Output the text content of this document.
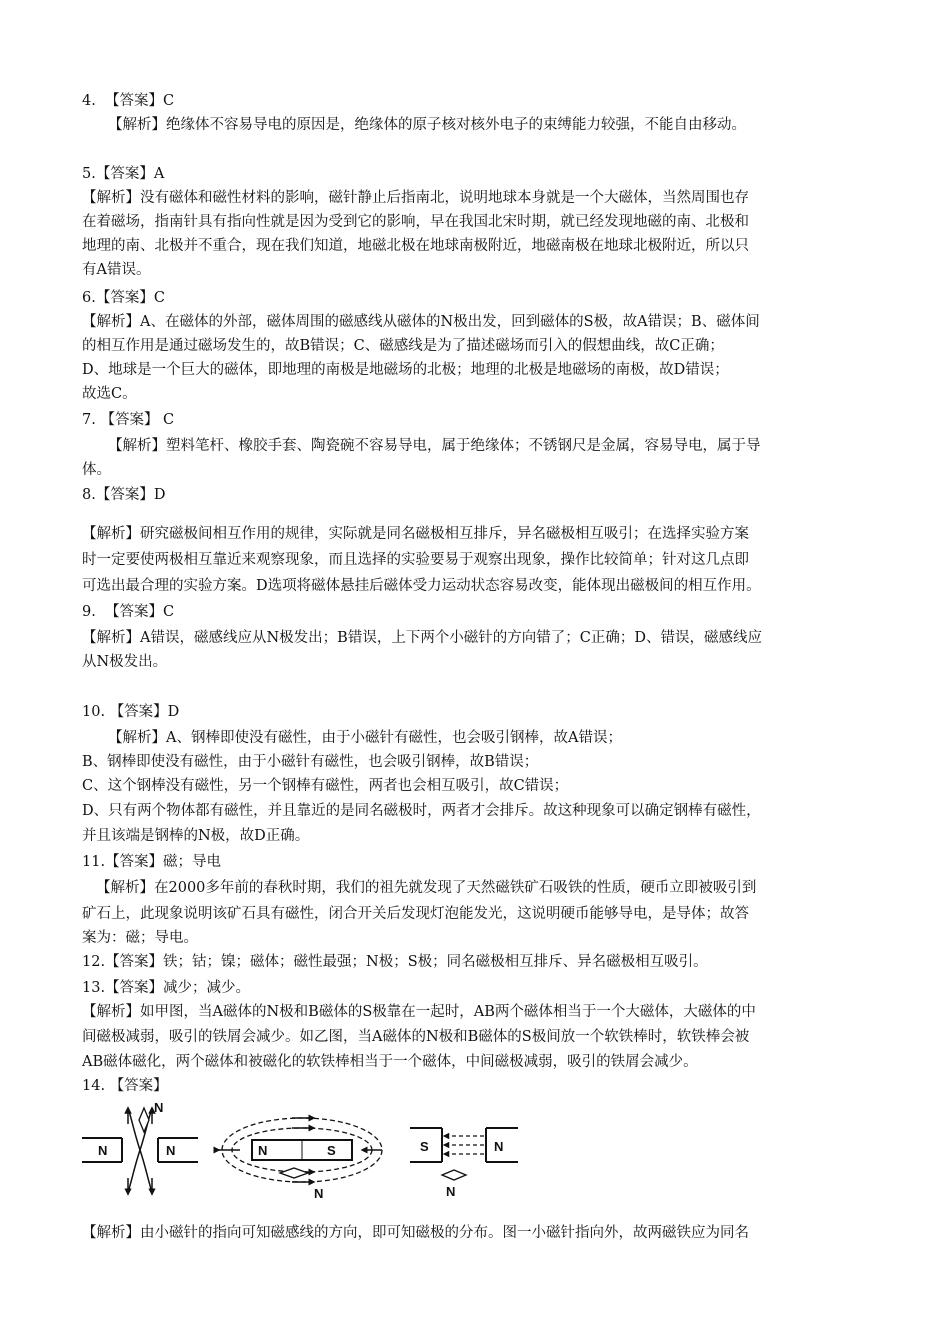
4.  【答案】C
【解析】绝缘体不容易导电的原因是，绝缘体的原子核对核外电子的束缚能力较强，不能自由移动。
5.【答案】A
【解析】没有磁体和磁性材料的影响，磁针静止后指南北，说明地球本身就是一个大磁体，当然周围也存
在着磁场，指南针具有指向性就是因为受到它的影响，早在我国北宋时期，就已经发现地磁的南、北极和
地理的南、北极并不重合，现在我们知道，地磁北极在地球南极附近，地磁南极在地球北极附近，所以只
有A错误。
6.【答案】C
【解析】A、在磁体的外部，磁体周围的磁感线从磁体的N极出发，回到磁体的S极，故A错误；B、磁体间
的相互作用是通过磁场发生的，故B错误；C、磁感线是为了描述磁场而引入的假想曲线，故C正确；
D、地球是一个巨大的磁体，即地理的南极是地磁场的北极；地理的北极是地磁场的南极，故D错误；
故选C。
7. 【答案】 C
【解析】塑料笔杆、橡胶手套、陶瓷碗不容易导电，属于绝缘体；不锈钢尺是金属，容易导电，属于导
体。
8.【答案】D
【解析】研究磁极间相互作用的规律，实际就是同名磁极相互排斥，异名磁极相互吸引；在选择实验方案
时一定要使两极相互靠近来观察现象，而且选择的实验要易于观察出现象，操作比较简单；针对这几点即
可选出最合理的实验方案。D选项将磁体悬挂后磁体受力运动状态容易改变，能体现出磁极间的相互作用。
9.  【答案】C
【解析】A错误，磁感线应从N极发出；B错误，上下两个小磁针的方向错了；C正确；D、错误，磁感线应
从N极发出。
10. 【答案】D
【解析】A、钢棒即使没有磁性，由于小磁针有磁性，也会吸引钢棒，故A错误；
B、钢棒即使没有磁性，由于小磁针有磁性，也会吸引钢棒，故B错误；
C、这个钢棒没有磁性，另一个钢棒有磁性，两者也会相互吸引，故C错误；
D、只有两个物体都有磁性，并且靠近的是同名磁极时，两者才会排斥。故这种现象可以确定钢棒有磁性，
并且该端是钢棒的N极，故D正确。
11.【答案】磁；导电
【解析】在2000多年前的春秋时期，我们的祖先就发现了天然磁铁矿石吸铁的性质，硬币立即被吸引到
矿石上，此现象说明该矿石具有磁性，闭合开关后发现灯泡能发光，这说明硬币能够导电，是导体；故答
案为：磁；导电。
12.【答案】铁；钴；镍；磁体；磁性最强；N极；S极；同名磁极相互排斥、异名磁极相互吸引。
13.【答案】减少；减少。
【解析】如甲图，当A磁体的N极和B磁体的S极靠在一起时，AB两个磁体相当于一个大磁体，大磁体的中
间磁极减弱，吸引的铁屑会减少。如乙图，当A磁体的N极和B磁体的S极间放一个软铁棒时，软铁棒会被
AB磁体磁化，两个磁体和被磁化的软铁棒相当于一个磁体，中间磁极减弱，吸引的铁屑会减少。
14. 【答案】
N	N
N
N	S
N
S	N
N
【解析】由小磁针的指向可知磁感线的方向，即可知磁极的分布。图一小磁针指向外，故两磁铁应为同名
